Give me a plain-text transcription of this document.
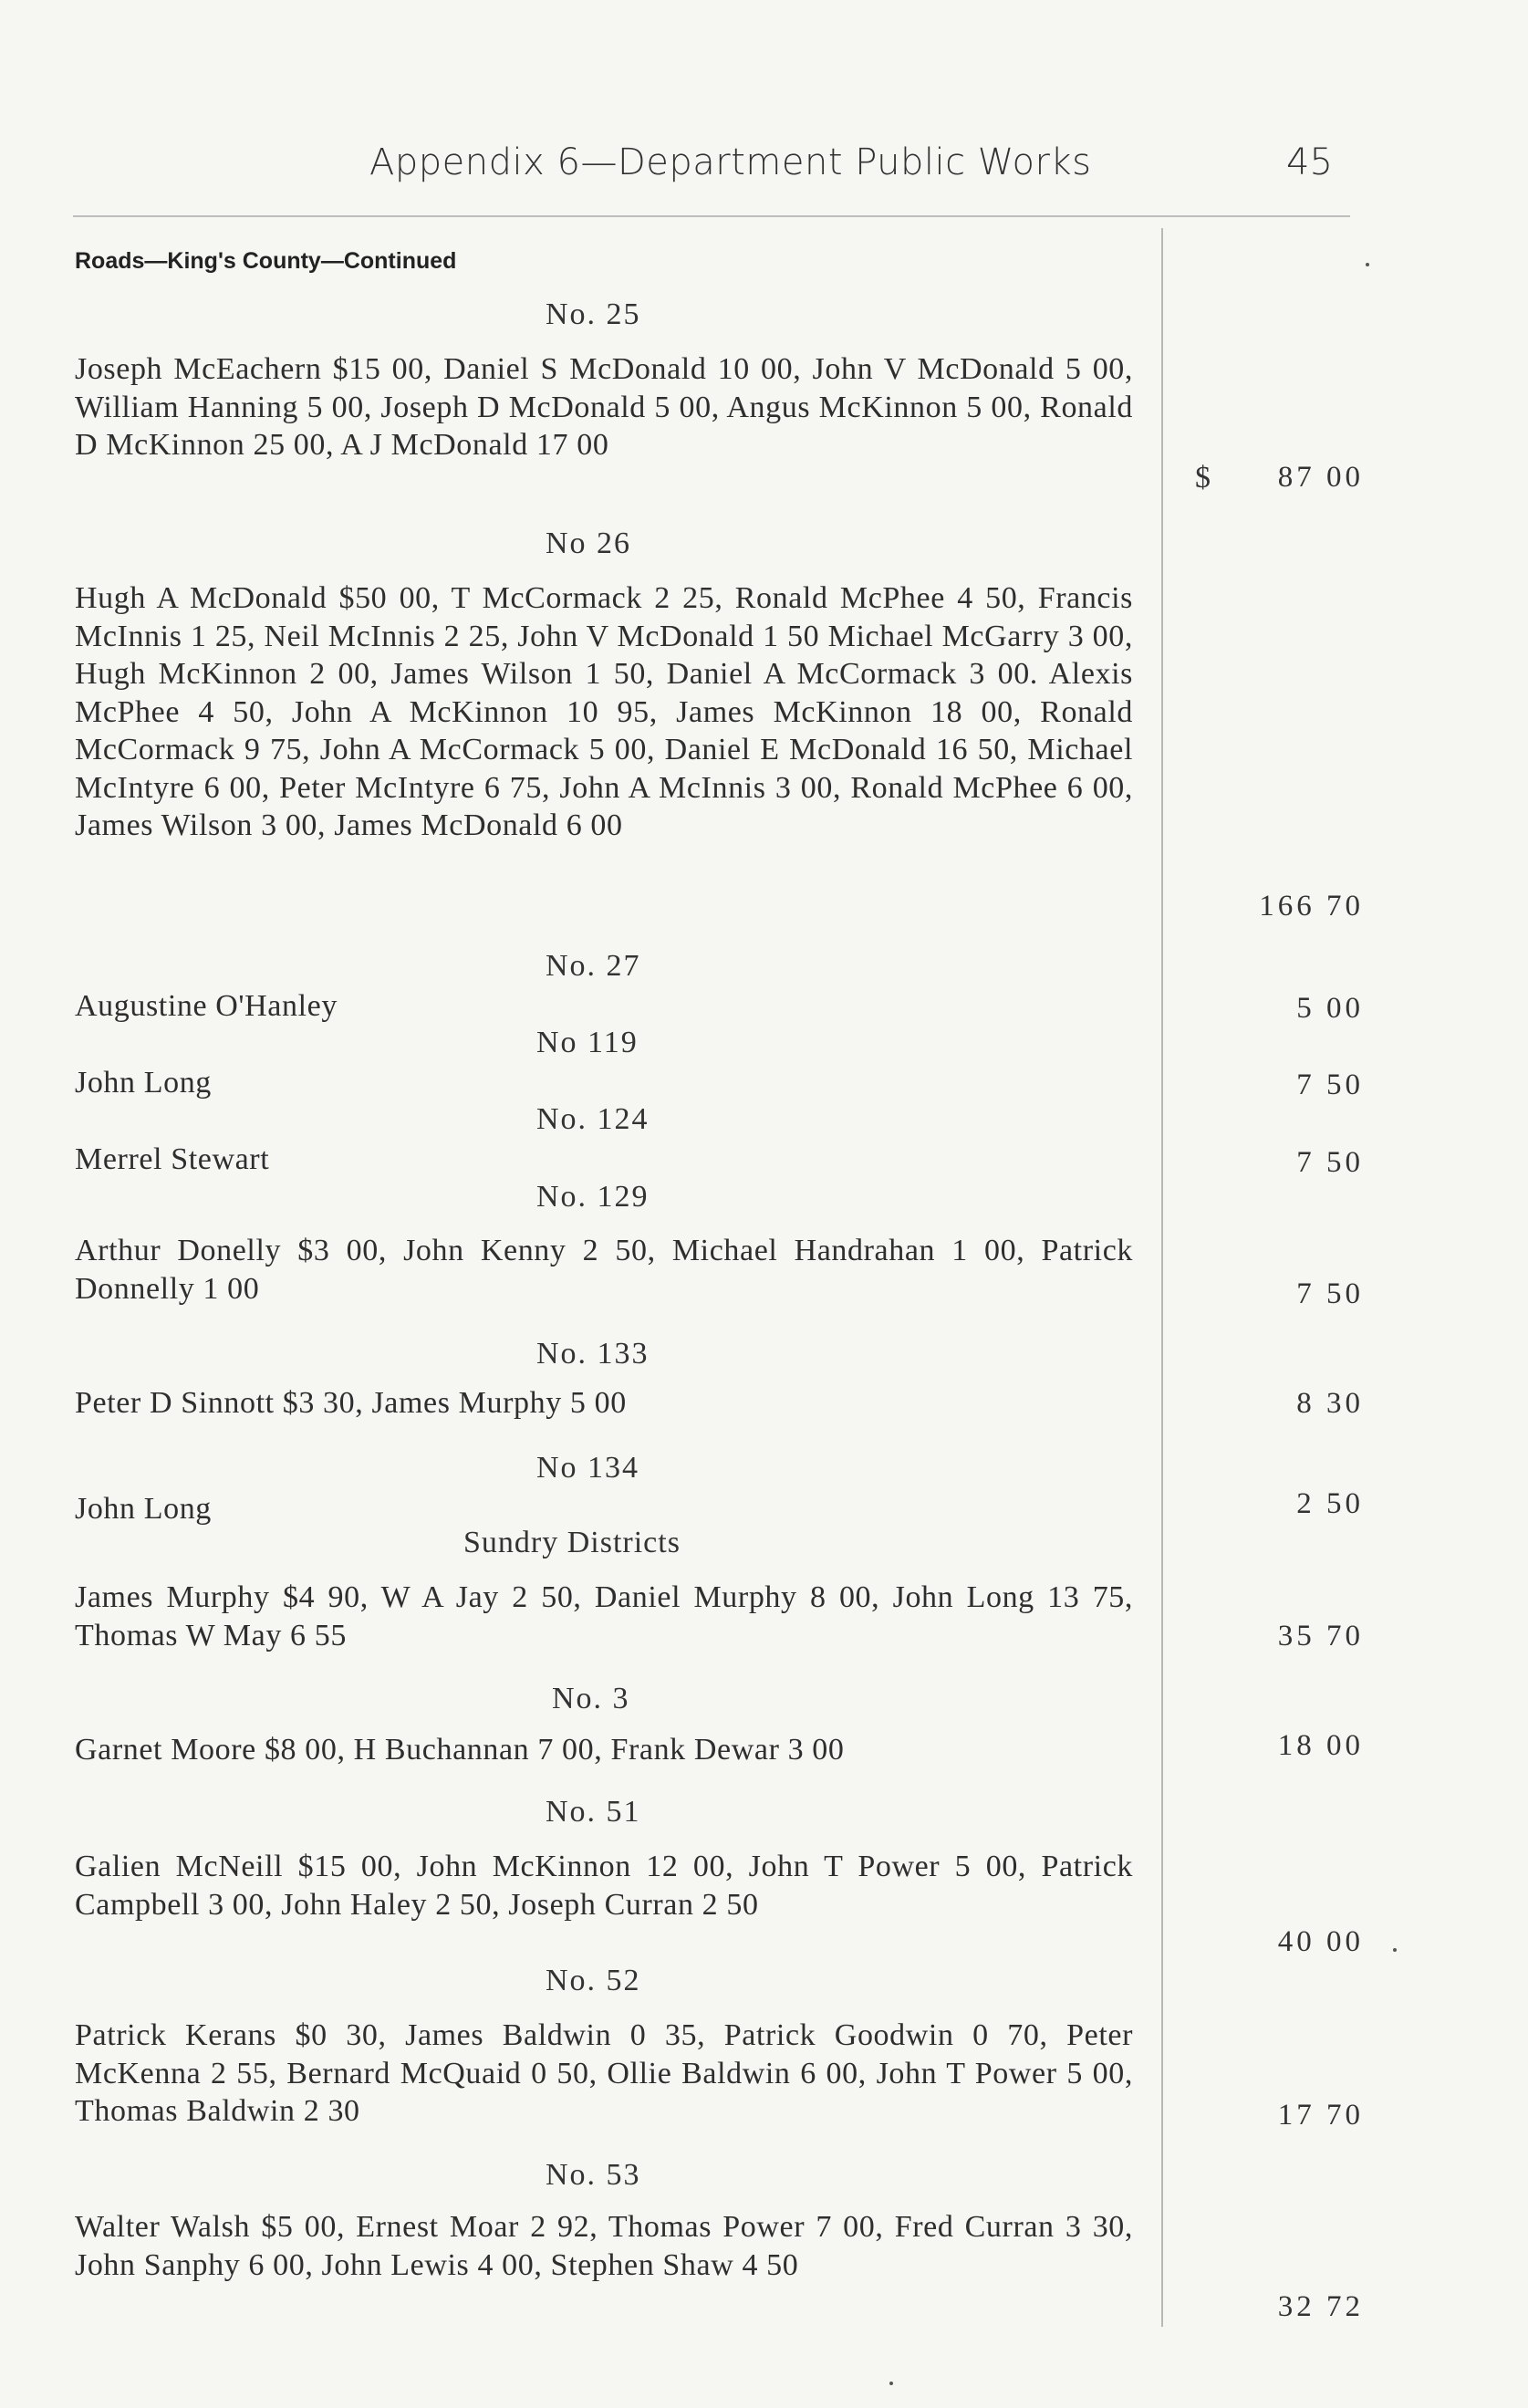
Appendix 6—Department Public Works	45
Roads—King's County—Continued
No. 25
Joseph McEachern $15 00, Daniel S McDonald 10 00, John V McDonald 5 00, William Hanning 5 00, Joseph D McDonald 5 00, Angus McKinnon 5 00, Ronald D McKinnon 25 00, A J McDonald 17 00
$ 87 00
No 26
Hugh A McDonald $50 00, T McCormack 2 25, Ronald McPhee 4 50, Francis McInnis 1 25, Neil McInnis 2 25, John V McDonald 1 50 Michael McGarry 3 00, Hugh McKinnon 2 00, James Wilson 1 50, Daniel A McCormack 3 00. Alexis McPhee 4 50, John A McKinnon 10 95, James McKinnon 18 00, Ronald McCormack 9 75, John A McCormack 5 00, Daniel E McDonald 16 50, Michael McIntyre 6 00, Peter McIntyre 6 75, John A McInnis 3 00, Ronald McPhee 6 00, James Wilson 3 00, James McDonald 6 00
166 70
No. 27
Augustine O'Hanley	5 00
No 119
John Long	7 50
No. 124
Merrel Stewart	7 50
No. 129
Arthur Donelly $3 00, John Kenny 2 50, Michael Handrahan 1 00, Patrick Donnelly 1 00	7 50
No. 133
Peter D Sinnott $3 30, James Murphy 5 00	8 30
No 134
John Long	2 50
Sundry Districts
James Murphy $4 90, W A Jay 2 50, Daniel Murphy 8 00, John Long 13 75, Thomas W May 6 55	35 70
No. 3
Garnet Moore $8 00, H Buchannan 7 00, Frank Dewar 3 00	18 00
No. 51
Galien McNeill $15 00, John McKinnon 12 00, John T Power 5 00, Patrick Campbell 3 00, John Haley 2 50, Joseph Curran 2 50
40 00
No. 52
Patrick Kerans $0 30, James Baldwin 0 35, Patrick Goodwin 0 70, Peter McKenna 2 55, Bernard McQuaid 0 50, Ollie Baldwin 6 00, John T Power 5 00, Thomas Baldwin 2 30	17 70
No. 53
Walter Walsh $5 00, Ernest Moar 2 92, Thomas Power 7 00, Fred Curran 3 30, John Sanphy 6 00, John Lewis 4 00, Stephen Shaw 4 50
32 72
